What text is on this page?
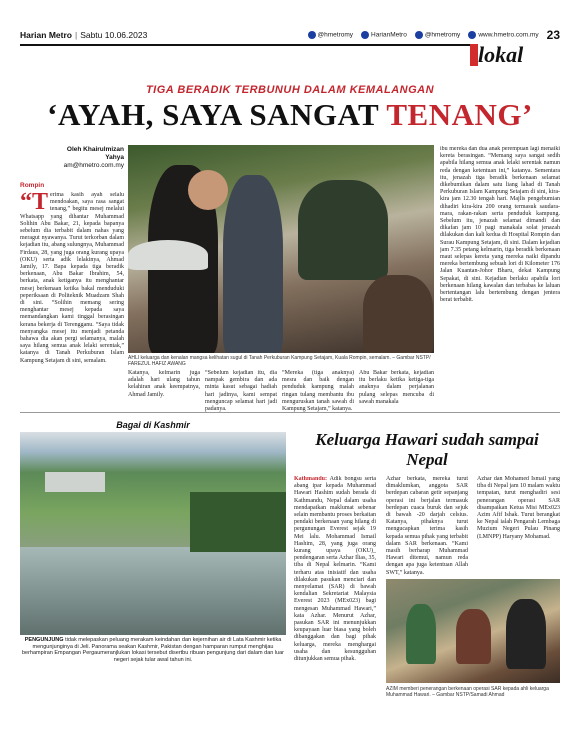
Harian Metro | Sabtu 10.06.2023	@hmetromy	HarianMetro	@hmetromy	www.hmetro.com.my 23
lokal
TIGA BERADIK TERBUNUH DALAM KEMALANGAN
‘AYAH, SAYA SANGAT TENANG’
Oleh Khairulmizan
Yahya
am@hmetro.com.my
Rompin
“Terima kasih ayah selalu mendoakan, saya rasa sangat tenang,” begitu mesej melalui Whatsapp yang dihantar Muhammad Solihin Abu Bakar, 21, kepada bapanya sebelum dia terbabit dalam nahas yang meragut nyawanya. Turut terkorban dalam kejadian itu, abang sulungnya, Muhammad Firdaus, 28, yang juga orang kurang upaya (OKU) serta adik lelakinya, Ahmad Jamily, 17. Bapa kepada tiga beradik berkenaan, Abu Bakar Ibrahim, 54, berkata, anak ketiganya itu menghantar mesej berkenaan ketika bakal menduduki peperiksaan di Politeknik Muadzam Shah di sini. “Solihin memang sering menghantar mesej kepada saya memandangkan kami tinggal berasingan kerana bekerja di Terengganu. “Saya tidak menyangka mesej itu menjadi petanda bahawa dia akan pergi selamanya, malah saya hilang semua anak lelaki serentak,” katanya di Tanah Perkuburan Islam Kampung Setajam di sini, semalam.	AHLI keluarga dan kenalan mangsa kelihatan sugul di Tanah Perkuburan Kampung Setajam, Kuala Rompin, semalam. – Gambar NSTP/ FAREZUL HAFIZ AWANG
Katanya, kelmarin juga adalah hari ulang tahun kelahiran anak keempatnya, Ahmad Jamily.
“Sebelum kejadian itu, dia nampak gembira dan ada minta kasut sebagai hadiah hari jadinya, kami sempat menguncap selamat hari jadi padanya.
“Mereka (tiga anaknya) mesra dan baik dengan penduduk kampung malah ringan tulang membantu ibu menguruskan tanah sawah di Kampung Setajam,” katanya.
Abu Bakar berkata, kejadian itu berlaku ketika ketiga-tiga anaknya dalam perjalanan pulang selepas mencuba di sawah manakala
ibu mereka dan dua anak perempuan lagi menaiki kereta berasingan. “Memang saya sangat sedih apabila hilang semua anak lelaki serentak namun reda dengan ketentuan ini,” katanya. Sementara itu, jenazah tiga beradik berkenaan selamat dikebumikan dalam satu liang lahad di Tanah Perkuburan Islam Kampung Setajam di sini, kira-kira jam 12.30 tengah hari. Majlis pengebumian dihadiri kira-kira 200 orang termasuk saudara-mara, rakan-rakan serta penduduk kampung. Sebelum itu, jenazah selamat dimandi dan dikafan jam 10 pagi manakala solat jenazah dilakukan dan kali kedua di Hospital Rompin dan Surau Kampung Setajam, di sini. Dalam kejadian jam 7.35 petang kelmarin, tiga beradik berkenaan maut selepas kereta yang mereka naiki dipandu mereka bertembung sebuah lori di Kilometer 176 Jalan Kuantan-Johor Bharu, dekat Kampung Sepakat, di sini. Kejadian berlaku apabila lori berkenaan hilang kawalan dan terbabas ke laluan bertentangan lalu bertembung dengan jentera berat terbabit.
Bagai di Kashmir
PENGUNJUNG tidak melepaskan peluang merakam keindahan dan kejernihan air di Lata Kashmir ketika mengunjunginya di Jeli. Panorama seakan Kashmir, Pakistan dengan hamparan rumput menghijau berhampiran Empangan Pergaumeranjlukan lokasi tersebut disertbu ribuan pengunjung dari dalam dan luar negeri sejak tular awal tahun ini.
Keluarga Hawari sudah sampai Nepal
Kathmandu: Adik bongsu serta abang ipar kepada Muhammad Hawari Hashim sudah berada di Kathmandu, Nepal dalam usaha mendapatkan maklumat sebenar selain membantu proses berkaitan pendaki berkenaan yang hilang di pergunungan Everest sejak 19 Mei lalu. Mohammad Ismail Hashim, 28, yang juga orang kurang upaya (OKU)_ pendengaran serta Azhar Ilias, 35, tiba di Nepal kelmarin. “Kami terharu atas inisiatif dan usaha dilakukan pasukan menciari dan menyelamat (SAR) di bawah kendalian Sekretariat Malaysia Everest 2023 (MEx023) bagi mengesan Muhammad Hawari,” kata Azhar. Menurut Azhar, pasukan SAR ini menunjukkan keupayaan luar biasa yang boleh dibanggakan dan bagi pihak keluarga, mereka menghargai usaha dan kesungguhan ditunjukkan semua pihak.
Azhar berkata, mereka turut dimaklumkan, anggota SAR berdepan cabaran getir sepanjang operasi ini berjalan termasuk berdepan cuaca buruk dan sejuk di bawah -20 darjah celsius. Katanya, pihaknya turut mengucapkan terima kasih kepada semua pihak yang terbabit dalam SAR berkenaan. “Kami masih berharap Muhammad Hawari ditemui, namun reda dengan apa juga ketentuan Allah SWT,” katanya.
Azhar dan Mohamed Ismail yang tiba di Nepal jam 10 malam waktu tempatan, turut menghadiri sesi penerangan operasi SAR disampaikan Ketua Misi MEx023 Azim Afif Ishak. Turut berangkat ke Nepal ialah Pengarah Lembaga Muzium Negeri Pulau Pinang (LMNPP) Haryany Mohamad.
AZIM memberi penerangan berkenaan operasi SAR kepada ahli keluarga Muhammad Hawari. – Gambar NSTP/Samadi Ahmad
